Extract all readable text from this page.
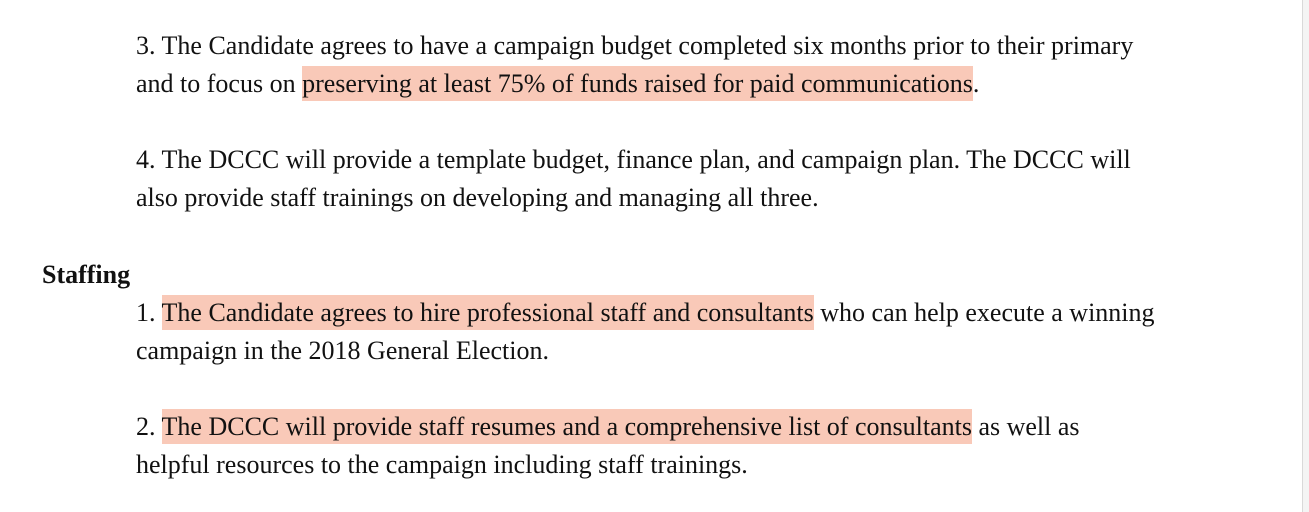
3. The Candidate agrees to have a campaign budget completed six months prior to their primary
and to focus on preserving at least 75% of funds raised for paid communications.
4. The DCCC will provide a template budget, finance plan, and campaign plan. The DCCC will
also provide staff trainings on developing and managing all three.
Staffing
1. The Candidate agrees to hire professional staff and consultants who can help execute a winning
campaign in the 2018 General Election.
2. The DCCC will provide staff resumes and a comprehensive list of consultants as well as
helpful resources to the campaign including staff trainings.
